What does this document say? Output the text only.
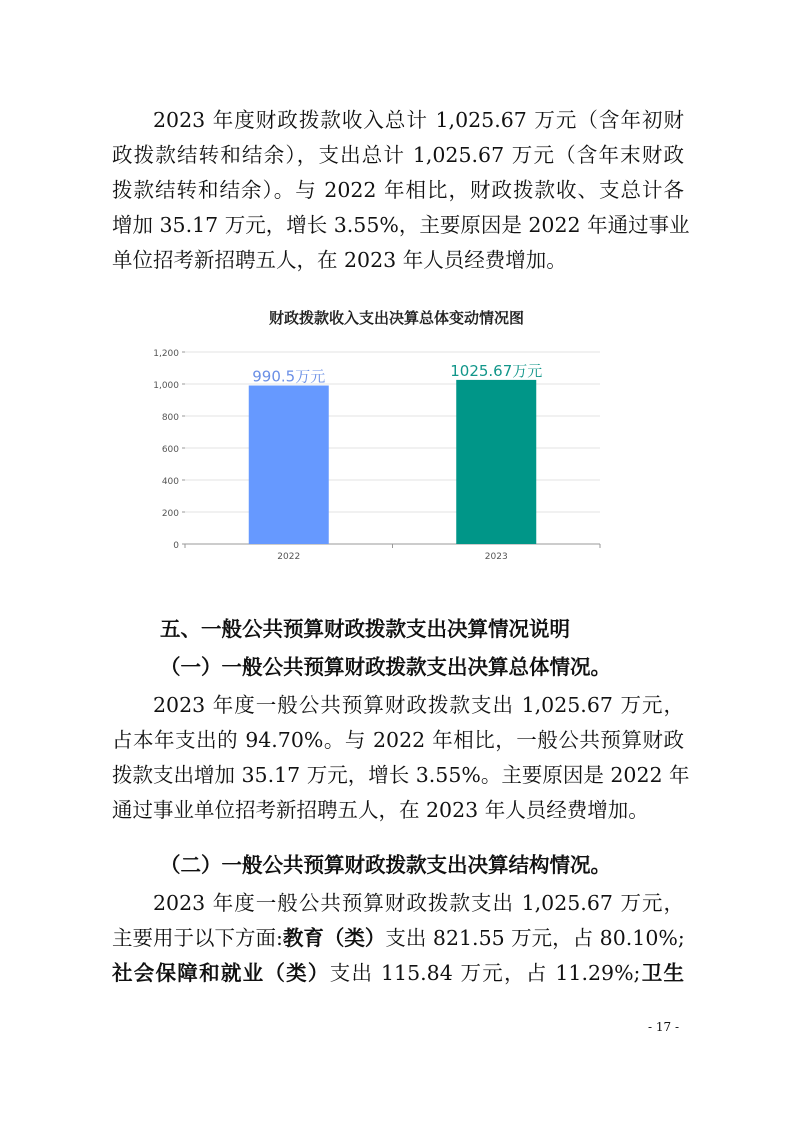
2023 年度财政拨款收入总计 1,025.67 万元（含年初财
政拨款结转和结余），支出总计 1,025.67 万元（含年末财政
拨款结转和结余）。与 2022 年相比，财政拨款收、支总计各
增加 35.17 万元，增长 3.55%，主要原因是 2022 年通过事业
单位招考新招聘五人，在 2023 年人员经费增加。
财政拨款收入支出决算总体变动情况图
0
200
400
600
800
1,000
1,200
990.5万元
2022
1025.67万元
2023
五、一般公共预算财政拨款支出决算情况说明
（一）一般公共预算财政拨款支出决算总体情况。
2023 年度一般公共预算财政拨款支出 1,025.67 万元，
占本年支出的 94.70%。与 2022 年相比，一般公共预算财政
拨款支出增加 35.17 万元，增长 3.55%。主要原因是 2022 年
通过事业单位招考新招聘五人，在 2023 年人员经费增加。
（二）一般公共预算财政拨款支出决算结构情况。
2023 年度一般公共预算财政拨款支出 1,025.67 万元，
主要用于以下方面:教育（类）支出 821.55 万元，占 80.10%;
社会保障和就业（类）支出 115.84 万元，占 11.29%;卫生
- 17 -
